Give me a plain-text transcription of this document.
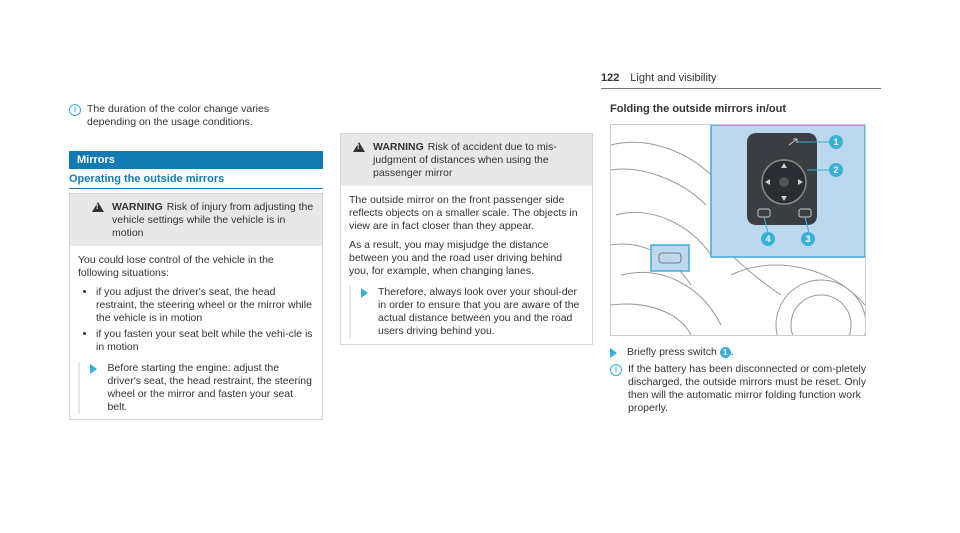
122 Light and visibility
i	The duration of the color change varies depending on the usage conditions.
Mirrors
Operating the outside mirrors
!
WARNING Risk of injury from adjusting the vehicle settings while the vehicle is in motion

You could lose control of the vehicle in the following situations:

• if you adjust the driver's seat, the head restraint, the steering wheel or the mirror while the vehicle is in motion
• if you fasten your seat belt while the vehi-cle is in motion
Before starting the engine: adjust the driver's seat, the head restraint, the steering wheel or the mirror and fasten your seat belt.
!
WARNING Risk of accident due to mis-judgment of distances when using the passenger mirror

The outside mirror on the front passenger side reflects objects on a smaller scale. The objects in view are in fact closer than they appear.

As a result, you may misjudge the distance between you and the road user driving behind you, for example, when changing lanes.

Therefore, always look over your shoul-der in order to ensure that you are aware of the actual distance between you and the road users driving behind you.
Folding the outside mirrors in/out
1
2
3
4
Briefly press switch 1 .
i	If the battery has been disconnected or com-pletely discharged, the outside mirrors must be reset. Only then will the automatic mirror folding function work properly.
